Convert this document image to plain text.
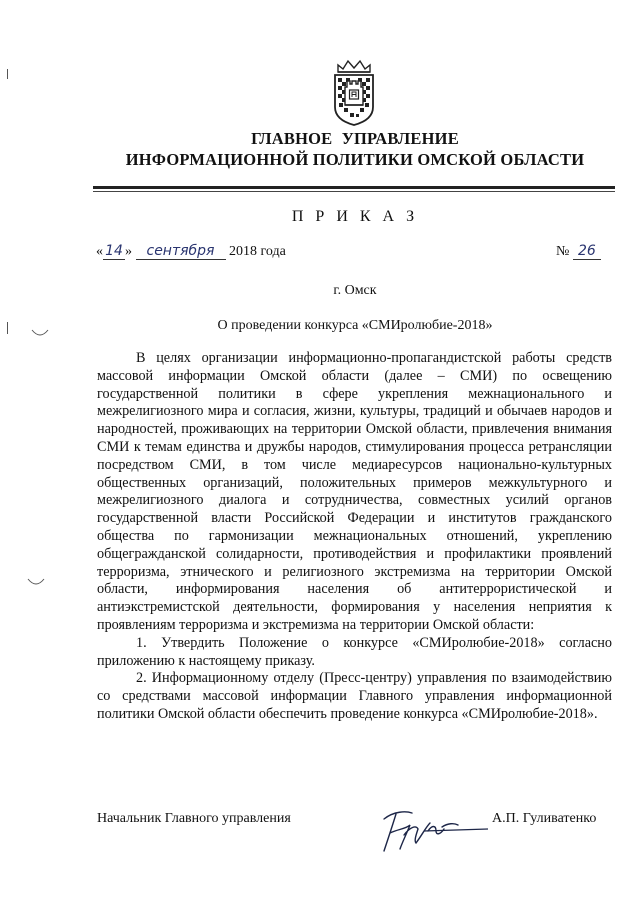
ГЛАВНОЕ УПРАВЛЕНИЕ
ИНФОРМАЦИОННОЙ ПОЛИТИКИ ОМСКОЙ ОБЛАСТИ
П Р И К А З
« 14 » сентября 2018 года	№ 26
г. Омск
О проведении конкурса «СМИролюбие-2018»

В целях организации информационно-пропагандистской работы средств массовой информации Омской области (далее – СМИ) по освещению государственной политики в сфере укрепления межнационального и межрелигиозного мира и согласия, жизни, культуры, традиций и обычаев народов и народностей, проживающих на территории Омской области, привлечения внимания СМИ к темам единства и дружбы народов, стимулирования процесса ретрансляции посредством СМИ, в том числе медиаресурсов национально-культурных общественных организаций, положительных примеров межкультурного и межрелигиозного диалога и сотрудничества, совместных усилий органов государственной власти Российской Федерации и институтов гражданского общества по гармонизации межнациональных отношений, укреплению общегражданской солидарности, противодействия и профилактики проявлений терроризма, этнического и религиозного экстремизма на территории Омской области, информирования населения об антитеррористической и антиэкстремистской деятельности, формирования у населения неприятия к проявлениям терроризма и экстремизма на территории Омской области:

1. Утвердить Положение о конкурсе «СМИролюбие-2018» согласно приложению к настоящему приказу.

2. Информационному отделу (Пресс-центру) управления по взаимодействию со средствами массовой информации Главного управления информационной политики Омской области обеспечить проведение конкурса «СМИролюбие-2018».

Начальник Главного управления	А.П. Гуливатенко
